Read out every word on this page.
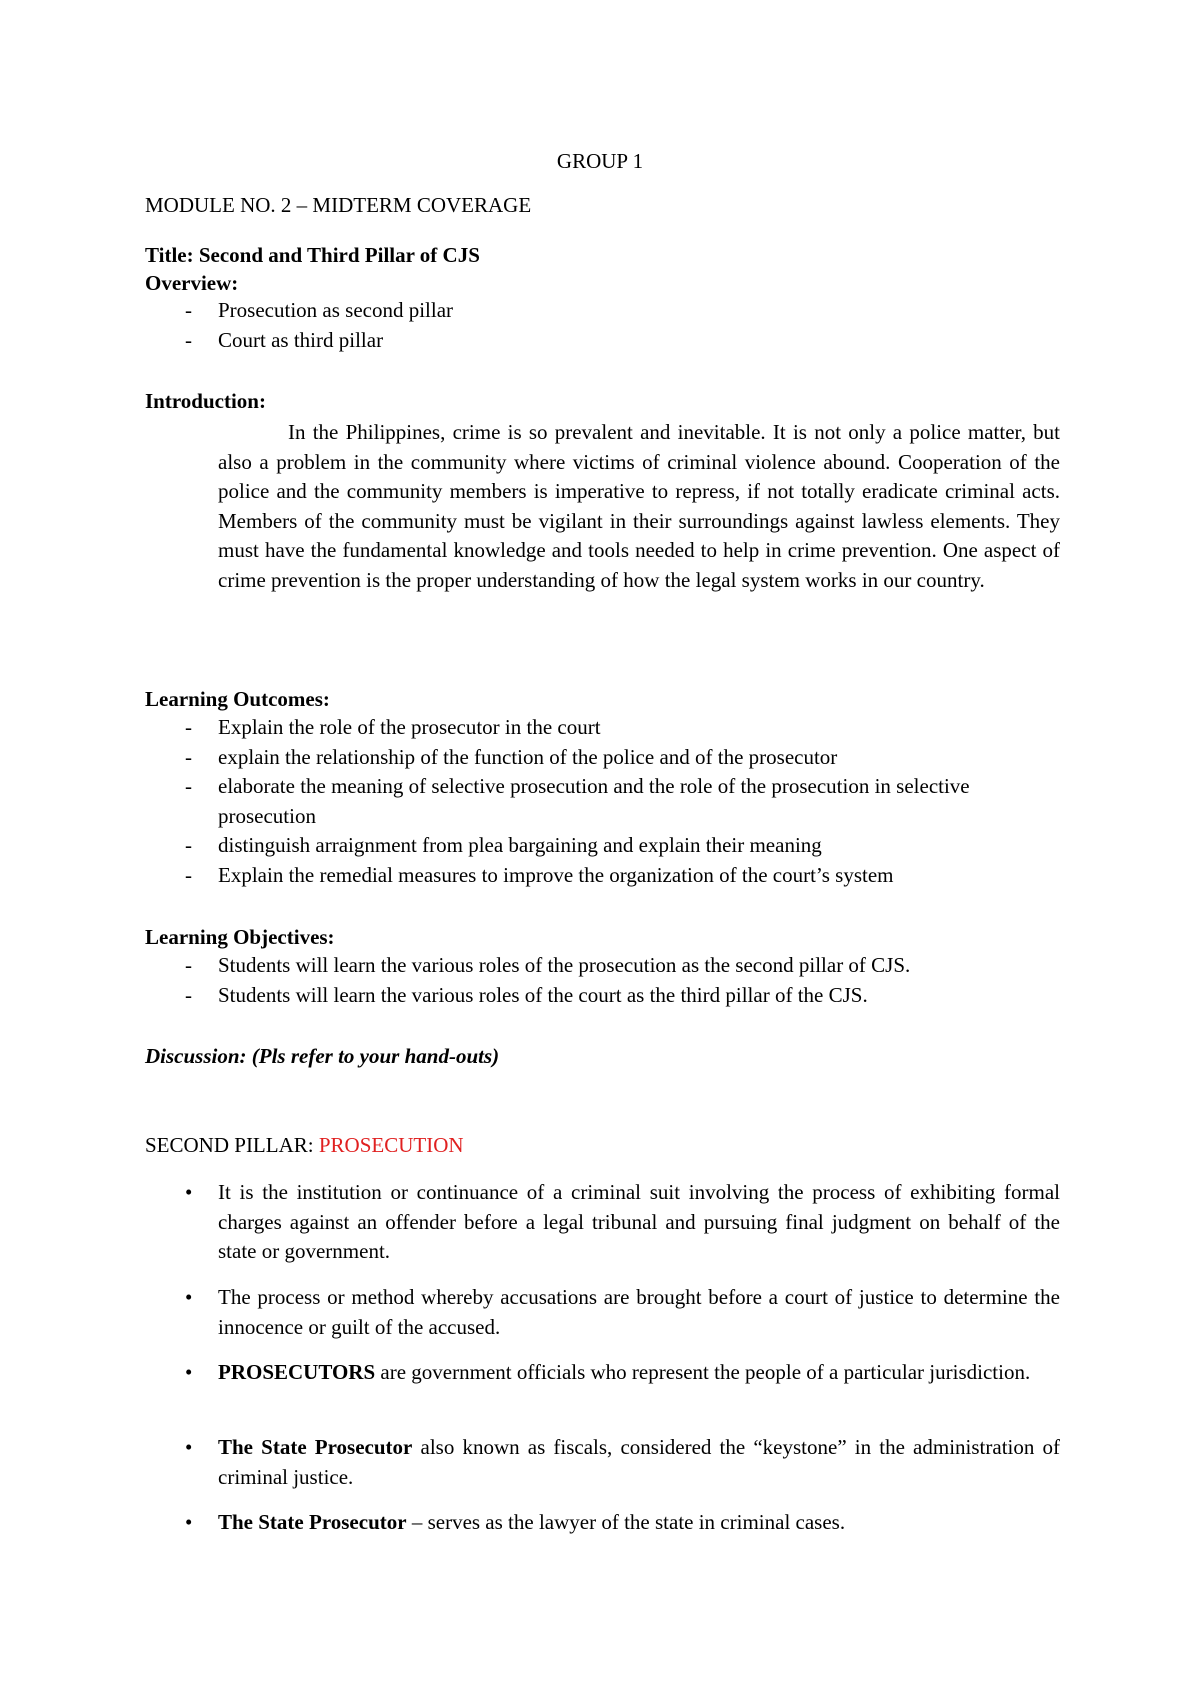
GROUP 1
MODULE NO. 2 – MIDTERM COVERAGE
Title: Second and Third Pillar of CJS
Overview:
- Prosecution as second pillar
- Court as third pillar
Introduction:
In the Philippines, crime is so prevalent and inevitable. It is not only a police matter, but also a problem in the community where victims of criminal violence abound. Cooperation of the police and the community members is imperative to repress, if not totally eradicate criminal acts. Members of the community must be vigilant in their surroundings against lawless elements. They must have the fundamental knowledge and tools needed to help in crime prevention. One aspect of crime prevention is the proper understanding of how the legal system works in our country.
Learning Outcomes:
- Explain the role of the prosecutor in the court
- explain the relationship of the function of the police and of the prosecutor
- elaborate the meaning of selective prosecution and the role of the prosecution in selective prosecution
- distinguish arraignment from plea bargaining and explain their meaning
- Explain the remedial measures to improve the organization of the court’s system
Learning Objectives:
- Students will learn the various roles of the prosecution as the second pillar of CJS.
- Students will learn the various roles of the court as the third pillar of the CJS.
Discussion: (Pls refer to your hand-outs)
SECOND PILLAR: PROSECUTION
• It is the institution or continuance of a criminal suit involving the process of exhibiting formal charges against an offender before a legal tribunal and pursuing final judgment on behalf of the state or government.
• The process or method whereby accusations are brought before a court of justice to determine the innocence or guilt of the accused.
• PROSECUTORS are government officials who represent the people of a particular jurisdiction.
• The State Prosecutor also known as fiscals, considered the “keystone” in the administration of criminal justice.
• The State Prosecutor – serves as the lawyer of the state in criminal cases.
